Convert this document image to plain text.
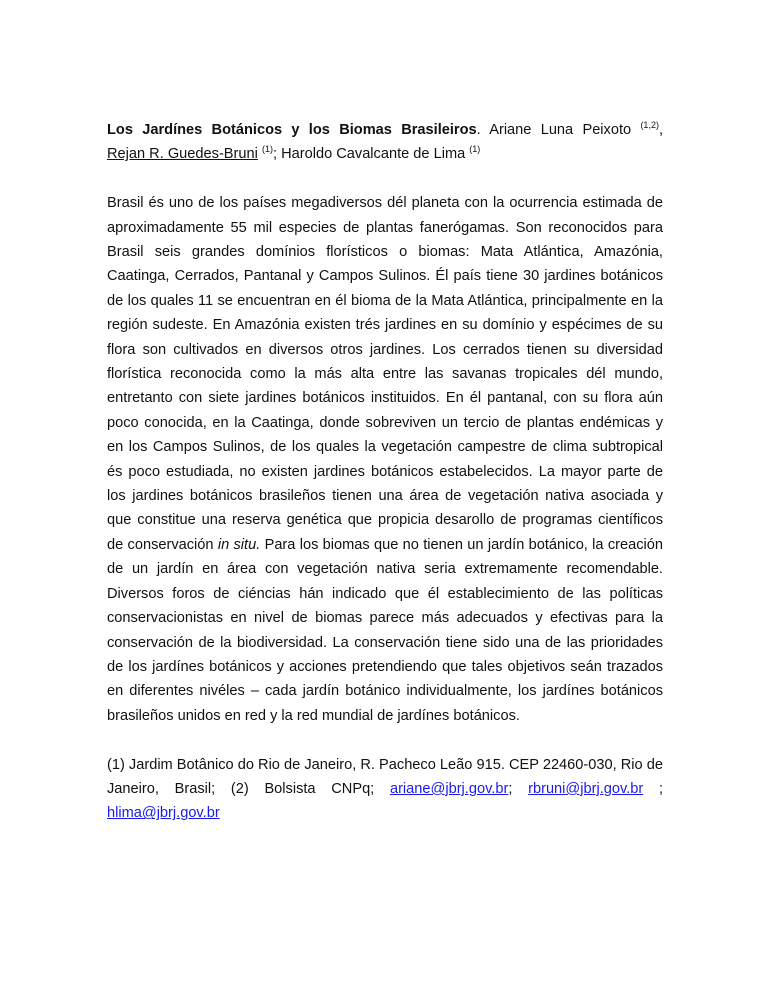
Los Jardínes Botánicos y los Biomas Brasileiros. Ariane Luna Peixoto $^{(1,2)}$,
Rejan R. Guedes-Bruni $^{(1)}$; Haroldo Cavalcante de Lima $^{(1)}$

Brasil és uno de los países megadiversos dél planeta con la ocurrencia estimada de aproximadamente 55 mil especies de plantas fanerógamas. Son reconocidos para Brasil seis grandes domínios florísticos o biomas: Mata Atlántica, Amazónia, Caatinga, Cerrados, Pantanal y Campos Sulinos. Él país tiene 30 jardines botánicos de los quales 11 se encuentran en él bioma de la Mata Atlántica, principalmente en la región sudeste. En Amazónia existen trés jardines en su domínio y espécimes de su flora son cultivados en diversos otros jardines. Los cerrados tienen su diversidad florística reconocida como la más alta entre las savanas tropicales dél mundo, entretanto con siete jardines botánicos instituidos. En él pantanal, con su flora aún poco conocida, en la Caatinga, donde sobreviven un tercio de plantas endémicas y en los Campos Sulinos, de los quales la vegetación campestre de clima subtropical és poco estudiada, no existen jardines botánicos estabelecidos. La mayor parte de los jardines botánicos brasileños tienen una área de vegetación nativa asociada y que constitue una reserva genética que propicia desarollo de programas científicos de conservación in situ. Para los biomas que no tienen un jardín botánico, la creación de un jardín en área con vegetación nativa seria extremamente recomendable. Diversos foros de ciéncias hán indicado que él establecimiento de las políticas conservacionistas en nivel de biomas parece más adecuados y efectivas para la conservación de la biodiversidad. La conservación tiene sido una de las prioridades de los jardínes botánicos y acciones pretendiendo que tales objetivos seán trazados en diferentes nivéles – cada jardín botánico individualmente, los jardínes botánicos brasileños unidos en red y la red mundial de jardínes botánicos.

(1) Jardim Botânico do Rio de Janeiro, R. Pacheco Leão 915. CEP 22460-030, Rio de Janeiro, Brasil; (2) Bolsista CNPq; ariane@jbrj.gov.br; rbruni@jbrj.gov.br ; hlima@jbrj.gov.br
